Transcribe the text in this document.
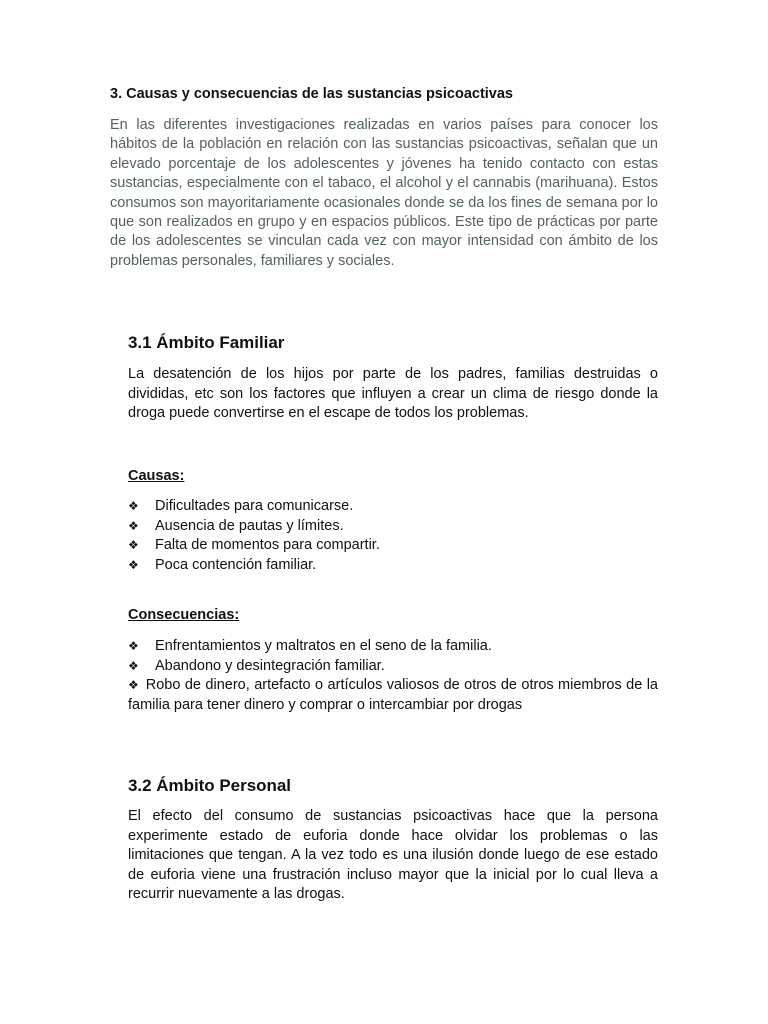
3. Causas y consecuencias de las sustancias psicoactivas

En las diferentes investigaciones realizadas en varios países para conocer los hábitos de la población en relación con las sustancias psicoactivas, señalan que un elevado porcentaje de los adolescentes y jóvenes ha tenido contacto con estas sustancias, especialmente con el tabaco, el alcohol y el cannabis (marihuana). Estos consumos son mayoritariamente ocasionales donde se da los fines de semana por lo que son realizados en grupo y en espacios públicos. Este tipo de prácticas por parte de los adolescentes se vinculan cada vez con mayor intensidad con ámbito de los problemas personales, familiares y sociales.

3.1 Ámbito Familiar

La desatención de los hijos por parte de los padres, familias destruidas o divididas, etc son los factores que influyen a crear un clima de riesgo donde la droga puede convertirse en el escape de todos los problemas.

Causas:

❖ Dificultades para comunicarse.
❖ Ausencia de pautas y límites.
❖ Falta de momentos para compartir.
❖ Poca contención familiar.

Consecuencias:

❖ Enfrentamientos y maltratos en el seno de la familia.
❖ Abandono y desintegración familiar.
❖ Robo de dinero, artefacto o artículos valiosos de otros de otros miembros de la familia para tener dinero y comprar o intercambiar por drogas
3.2 Ámbito Personal

El efecto del consumo de sustancias psicoactivas hace que la persona experimente estado de euforia donde hace olvidar los problemas o las limitaciones que tengan. A la vez todo es una ilusión donde luego de ese estado de euforia viene una frustración incluso mayor que la inicial por lo cual lleva a recurrir nuevamente a las drogas.
